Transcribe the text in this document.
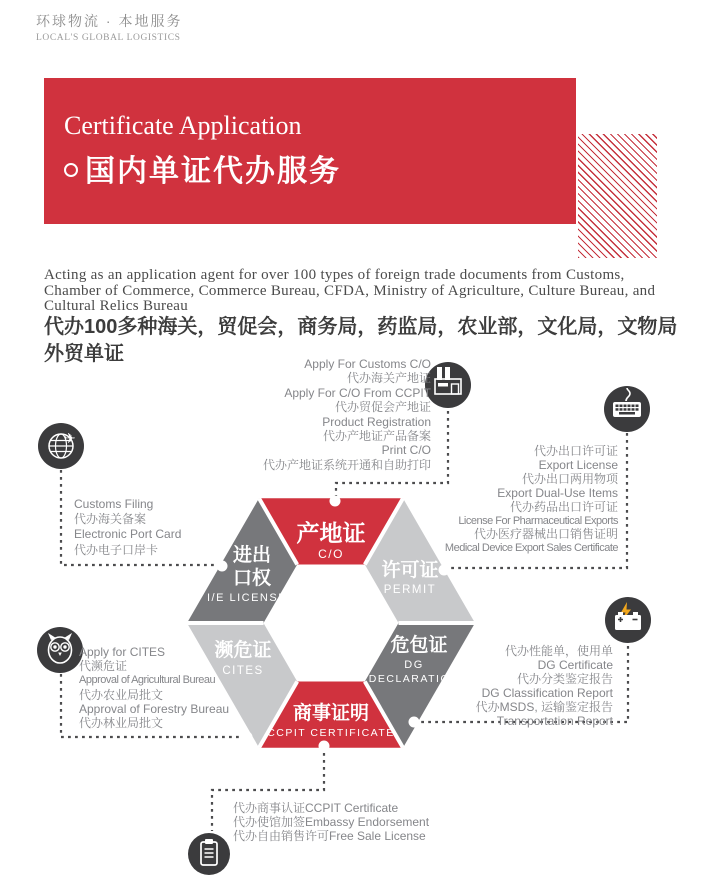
环球物流 · 本地服务
LOCAL'S GLOBAL LOGISTICS
Certificate Application
国内单证代办服务
Acting as an application agent for over 100 types of foreign trade documents from Customs, Chamber of Commerce, Commerce Bureau, CFDA, Ministry of Agriculture, Culture Bureau, and Cultural Relics Bureau
代办100多种海关，贸促会，商务局，药监局，农业部，文化局，文物局外贸单证
产地证
C/O
许可证
PERMIT
进出
口权
I/E LICENSE
濒危证
CITES
危包证
DG
DECLARATION
商事证明
CCPIT CERTIFICATE
✈
Apply For Customs C/O
代办海关产地证
Apply For C/O From CCPIT
代办贸促会产地证
Product Registration
代办产地证产品备案
Print C/O
代办产地证系统开通和自助打印
代办出口许可证
Export License
代办出口两用物项
Export Dual-Use Items
代办药品出口许可证
License For Pharmaceutical Exports
代办医疗器械出口销售证明
Medical Device Export Sales Certificate
Customs Filing
代办海关备案
Electronic Port Card
代办电子口岸卡
Apply for CITES
代濒危证
Approval of Agricultural Bureau
代办农业局批文
Approval of Forestry Bureau
代办林业局批文
代办性能单，使用单
DG Certificate
代办分类鉴定报告
DG Classification Report
代办MSDS, 运输鉴定报告
Transportation Report
代办商事认证CCPIT Certificate
代办使馆加签Embassy Endorsement
代办自由销售许可Free Sale License
